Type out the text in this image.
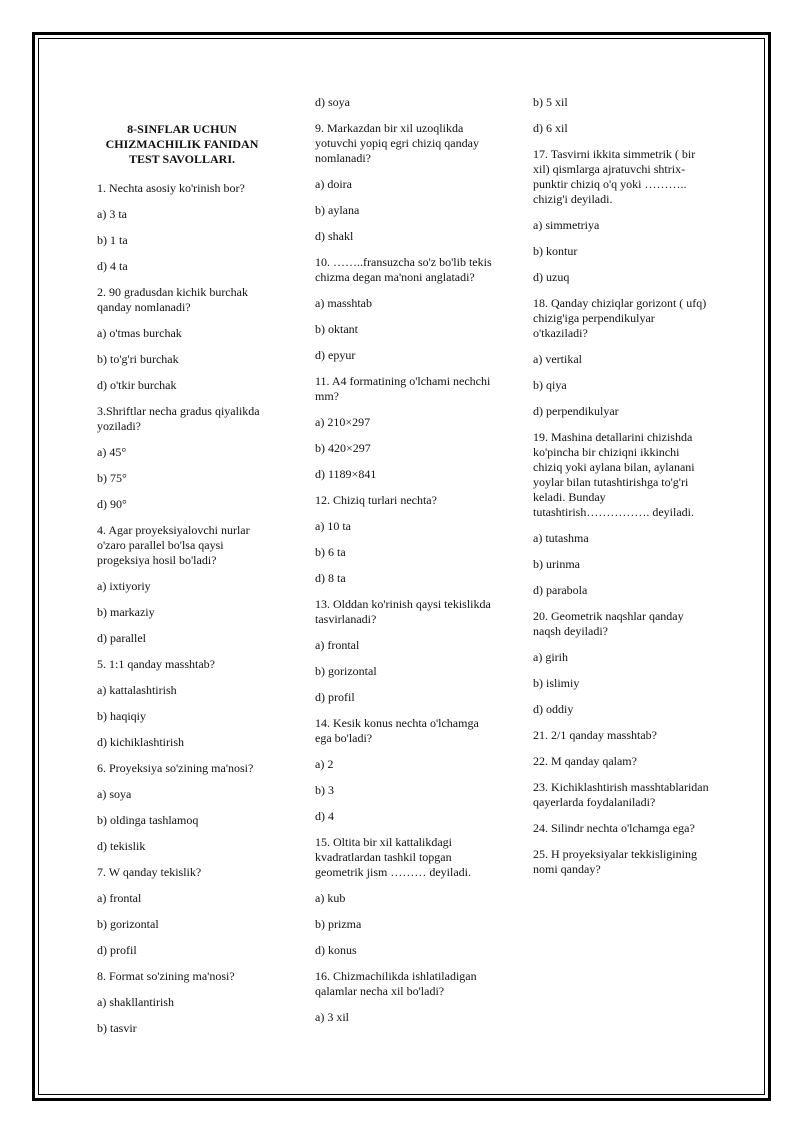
8-SINFLAR UCHUN CHIZMACHILIK FANIDAN TEST SAVOLLARI.
1. Nechta asosiy ko'rinish bor?
a) 3 ta
b) 1 ta
d) 4 ta
2. 90 gradusdan kichik burchak qanday nomlanadi?
a) o'tmas burchak
b) to'g'ri burchak
d) o'tkir burchak
3.Shriftlar necha gradus qiyalikda yoziladi?
a) 45°
b) 75°
d) 90°
4. Agar proyeksiyalovchi nurlar o'zaro parallel bo'lsa qaysi progeksiya hosil bo'ladi?
a) ixtiyoriy
b) markaziy
d) parallel
5. 1:1 qanday masshtab?
a) kattalashtirish
b) haqiqiy
d) kichiklashtirish
6. Proyeksiya so'zining ma'nosi?
a) soya
b) oldinga tashlamoq
d) tekislik
7. W qanday tekislik?
a) frontal
b) gorizontal
d) profil
8. Format so'zining ma'nosi?
a) shakllantirish
b) tasvir
d) soya
9. Markazdan bir xil uzoqlikda yotuvchi yopiq egri chiziq qanday nomlanadi?
a) doira
b) aylana
d) shakl
10. ……..fransuzcha so'z bo'lib tekis chizma degan ma'noni anglatadi?
a) masshtab
b) oktant
d) epyur
11. A4 formatining o'lchami nechchi mm?
a) 210×297
b) 420×297
d) 1189×841
12. Chiziq turlari nechta?
a) 10 ta
b) 6 ta
d) 8 ta
13. Olddan ko'rinish qaysi tekislikda tasvirlanadi?
a) frontal
b) gorizontal
d) profil
14. Kesik konus nechta o'lchamga ega bo'ladi?
a) 2
b) 3
d) 4
15. Oltita bir xil kattalikdagi kvadratlardan tashkil topgan geometrik jism ……… deyiladi.
a) kub
b) prizma
d) konus
16. Chizmachilikda ishlatiladigan qalamlar necha xil bo'ladi?
a) 3 xil
b) 5 xil
d) 6 xil
17. Tasvirni ikkita simmetrik ( bir xil) qismlarga ajratuvchi shtrix-punktir chiziq o'q yoki ……….. chizig'i deyiladi.
a) simmetriya
b) kontur
d) uzuq
18. Qanday chiziqlar gorizont ( ufq) chizig'iga perpendikulyar o'tkaziladi?
a) vertikal
b) qiya
d) perpendikulyar
19. Mashina detallarini chizishda ko'pincha bir chiziqni ikkinchi chiziq yoki aylana bilan, aylanani yoylar bilan tutashtirishga to'g'ri keladi. Bunday tutashtirish……………. deyiladi.
a) tutashma
b) urinma
d) parabola
20. Geometrik naqshlar qanday naqsh deyiladi?
a) girih
b) islimiy
d) oddiy
21. 2/1 qanday masshtab?
22. M qanday qalam?
23. Kichiklashtirish masshtablaridan qayerlarda foydalaniladi?
24. Silindr nechta o'lchamga ega?
25. H proyeksiyalar tekkisligining nomi qanday?
